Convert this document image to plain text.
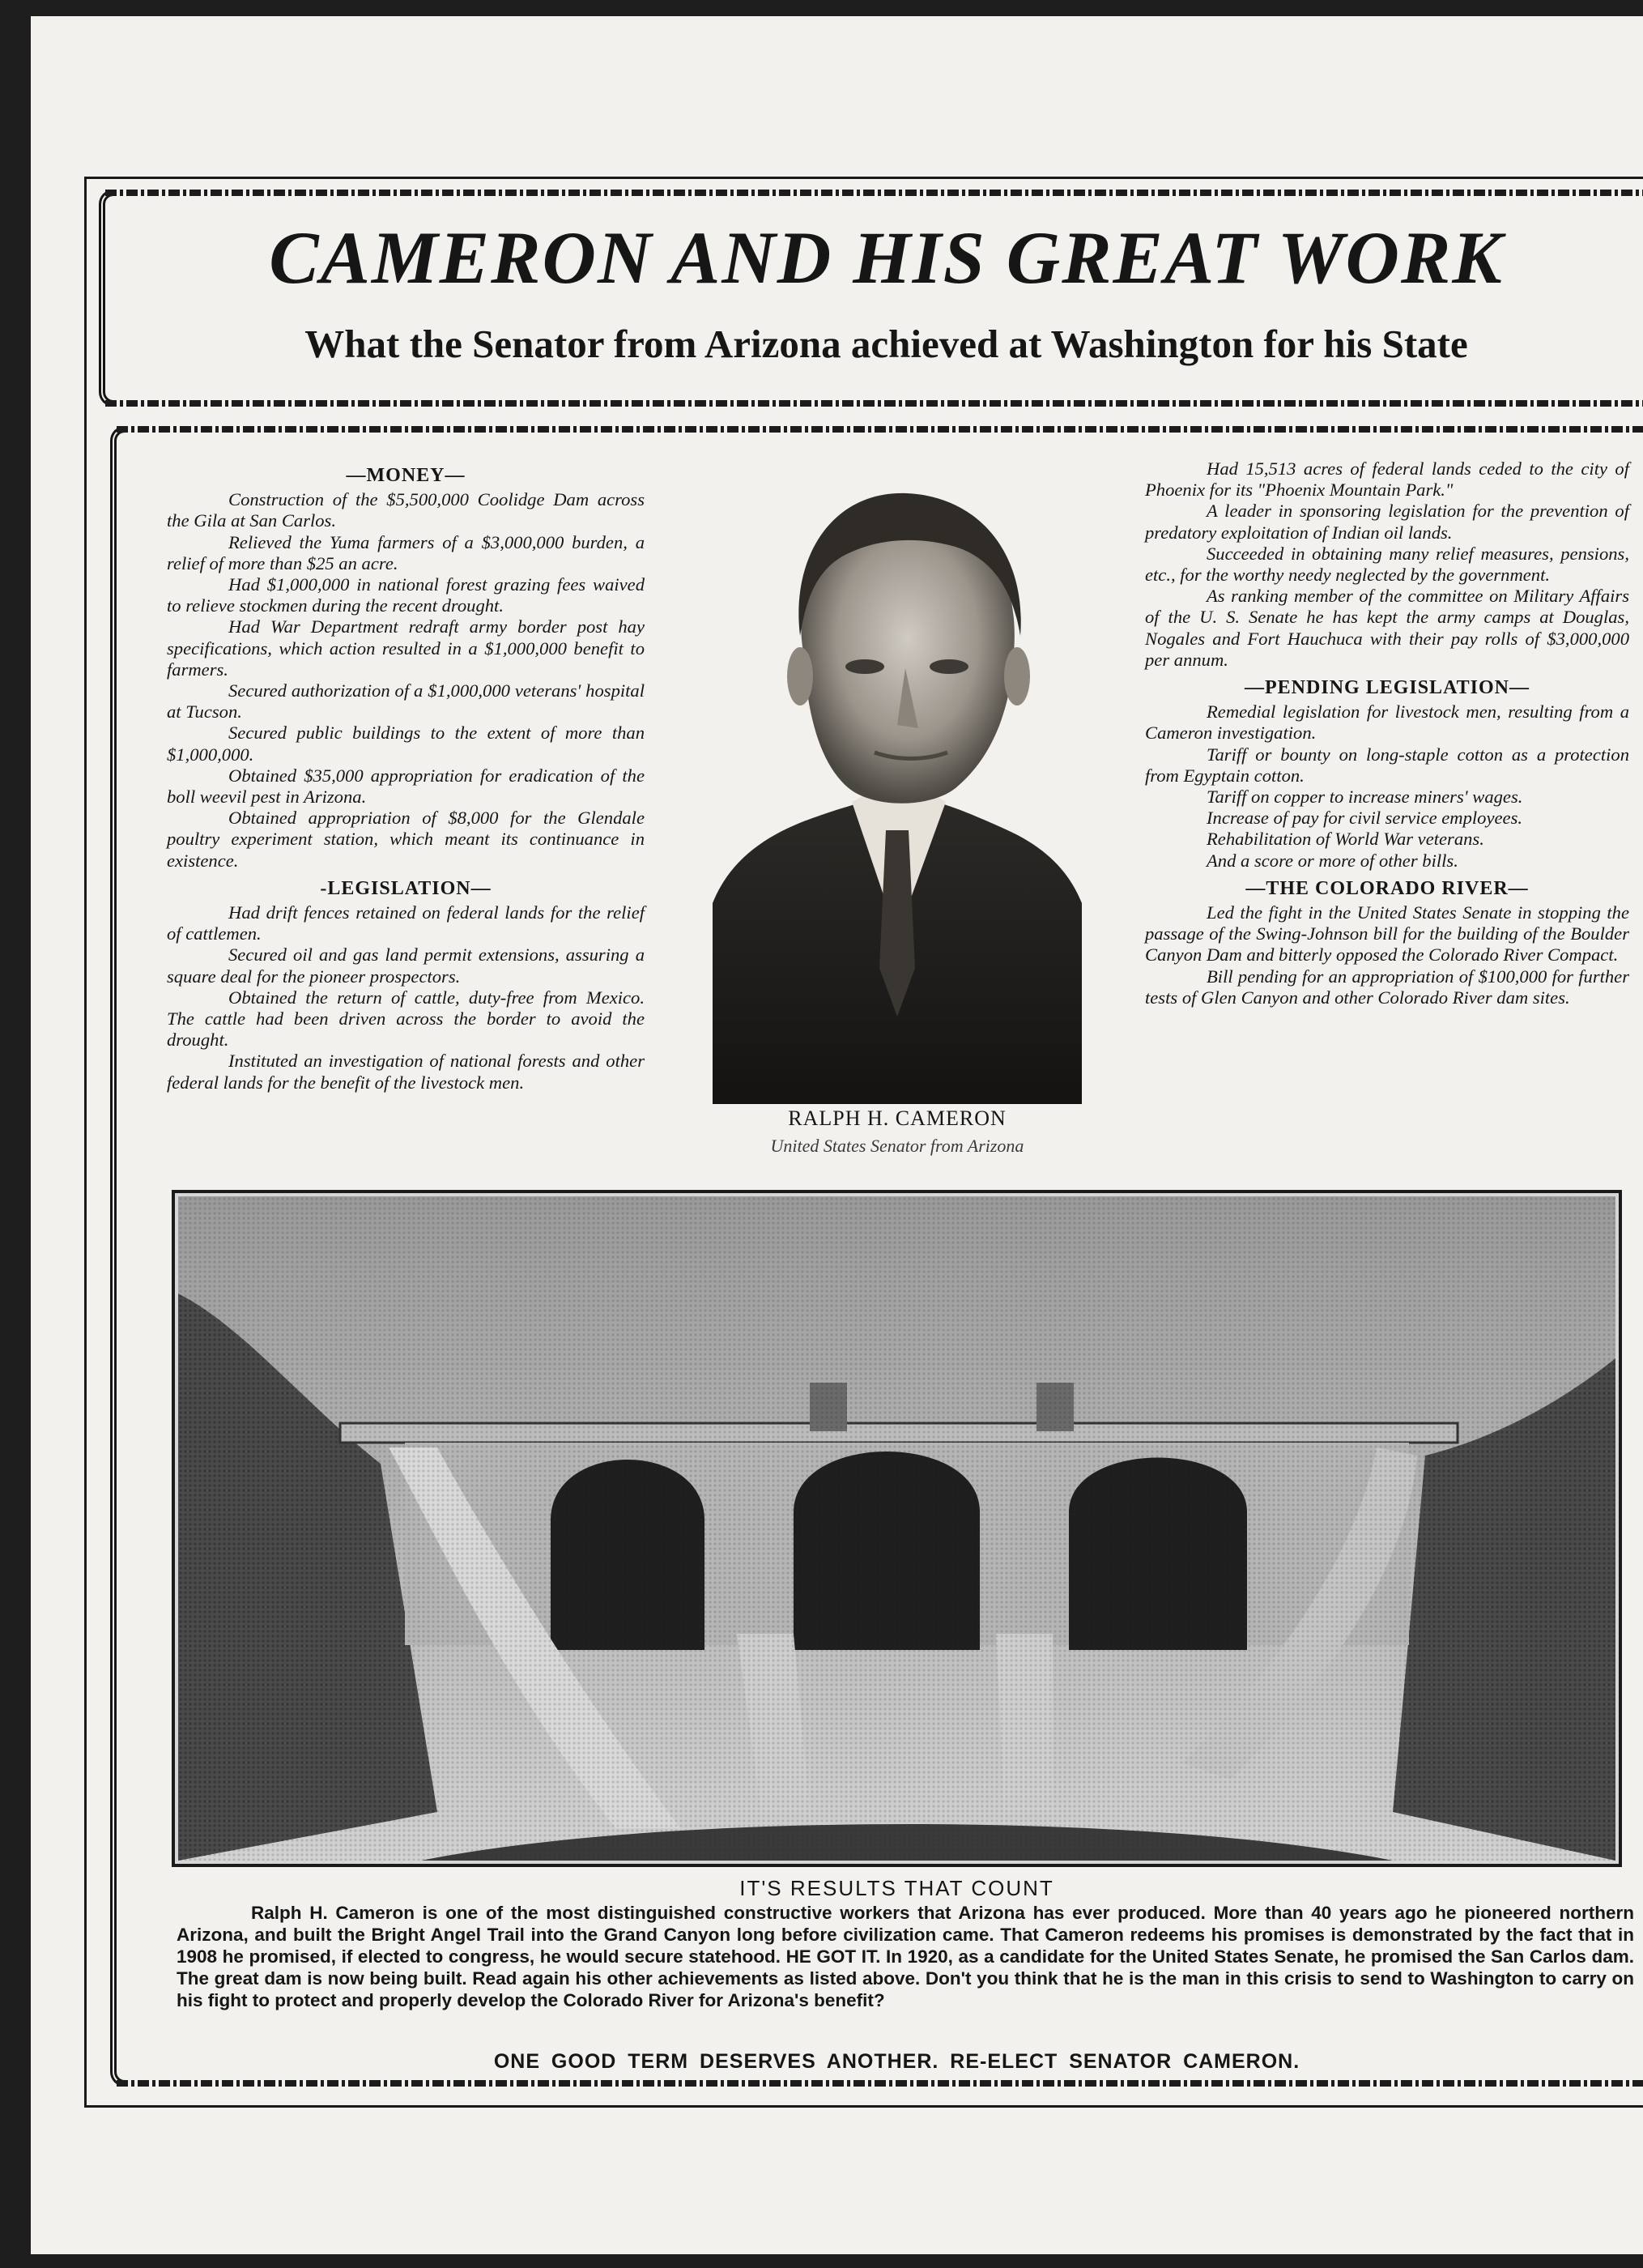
CAMERON AND HIS GREAT WORK
What the Senator from Arizona achieved at Washington for his State

—MONEY—

Construction of the $5,500,000 Coolidge Dam across the Gila at San Carlos.

Relieved the Yuma farmers of a $3,000,000 burden, a relief of more than $25 an acre.

Had $1,000,000 in national forest grazing fees waived to relieve stockmen during the recent drought.

Had War Department redraft army border post hay specifications, which action resulted in a $1,000,000 benefit to farmers.

Secured authorization of a $1,000,000 veterans' hospital at Tucson.

Secured public buildings to the extent of more than $1,000,000.

Obtained $35,000 appropriation for eradication of the boll weevil pest in Arizona.

Obtained appropriation of $8,000 for the Glendale poultry experiment station, which meant its continuance in existence.

-LEGISLATION—

Had drift fences retained on federal lands for the relief of cattlemen.

Secured oil and gas land permit extensions, assuring a square deal for the pioneer prospectors.

Obtained the return of cattle, duty-free from Mexico. The cattle had been driven across the border to avoid the drought.

Instituted an investigation of national forests and other federal lands for the benefit of the livestock men.

RALPH H. CAMERON
United States Senator from Arizona

Had 15,513 acres of federal lands ceded to the city of Phoenix for its "Phoenix Mountain Park."

A leader in sponsoring legislation for the prevention of predatory exploitation of Indian oil lands.

Succeeded in obtaining many relief measures, pensions, etc., for the worthy needy neglected by the government.

As ranking member of the committee on Military Affairs of the U. S. Senate he has kept the army camps at Douglas, Nogales and Fort Hauchuca with their pay rolls of $3,000,000 per annum.

—PENDING LEGISLATION—

Remedial legislation for livestock men, resulting from a Cameron investigation.

Tariff or bounty on long-staple cotton as a protection from Egyptain cotton.

Tariff on copper to increase miners' wages.

Increase of pay for civil service employees.

Rehabilitation of World War veterans.

And a score or more of other bills.

—THE COLORADO RIVER—

Led the fight in the United States Senate in stopping the passage of the Swing-Johnson bill for the building of the Boulder Canyon Dam and bitterly opposed the Colorado River Compact.

Bill pending for an appropriation of $100,000 for further tests of Glen Canyon and other Colorado River dam sites.

IT'S RESULTS THAT COUNT
Ralph H. Cameron is one of the most distinguished constructive workers that Arizona has ever produced. More than 40 years ago he pioneered northern Arizona, and built the Bright Angel Trail into the Grand Canyon long before civilization came. That Cameron redeems his promises is demonstrated by the fact that in 1908 he promised, if elected to congress, he would secure statehood. HE GOT IT. In 1920, as a candidate for the United States Senate, he promised the San Carlos dam. The great dam is now being built. Read again his other achievements as listed above. Don't you think that he is the man in this crisis to send to Washington to carry on his fight to protect and properly develop the Colorado River for Arizona's benefit?
ONE GOOD TERM DESERVES ANOTHER. RE-ELECT SENATOR CAMERON.
